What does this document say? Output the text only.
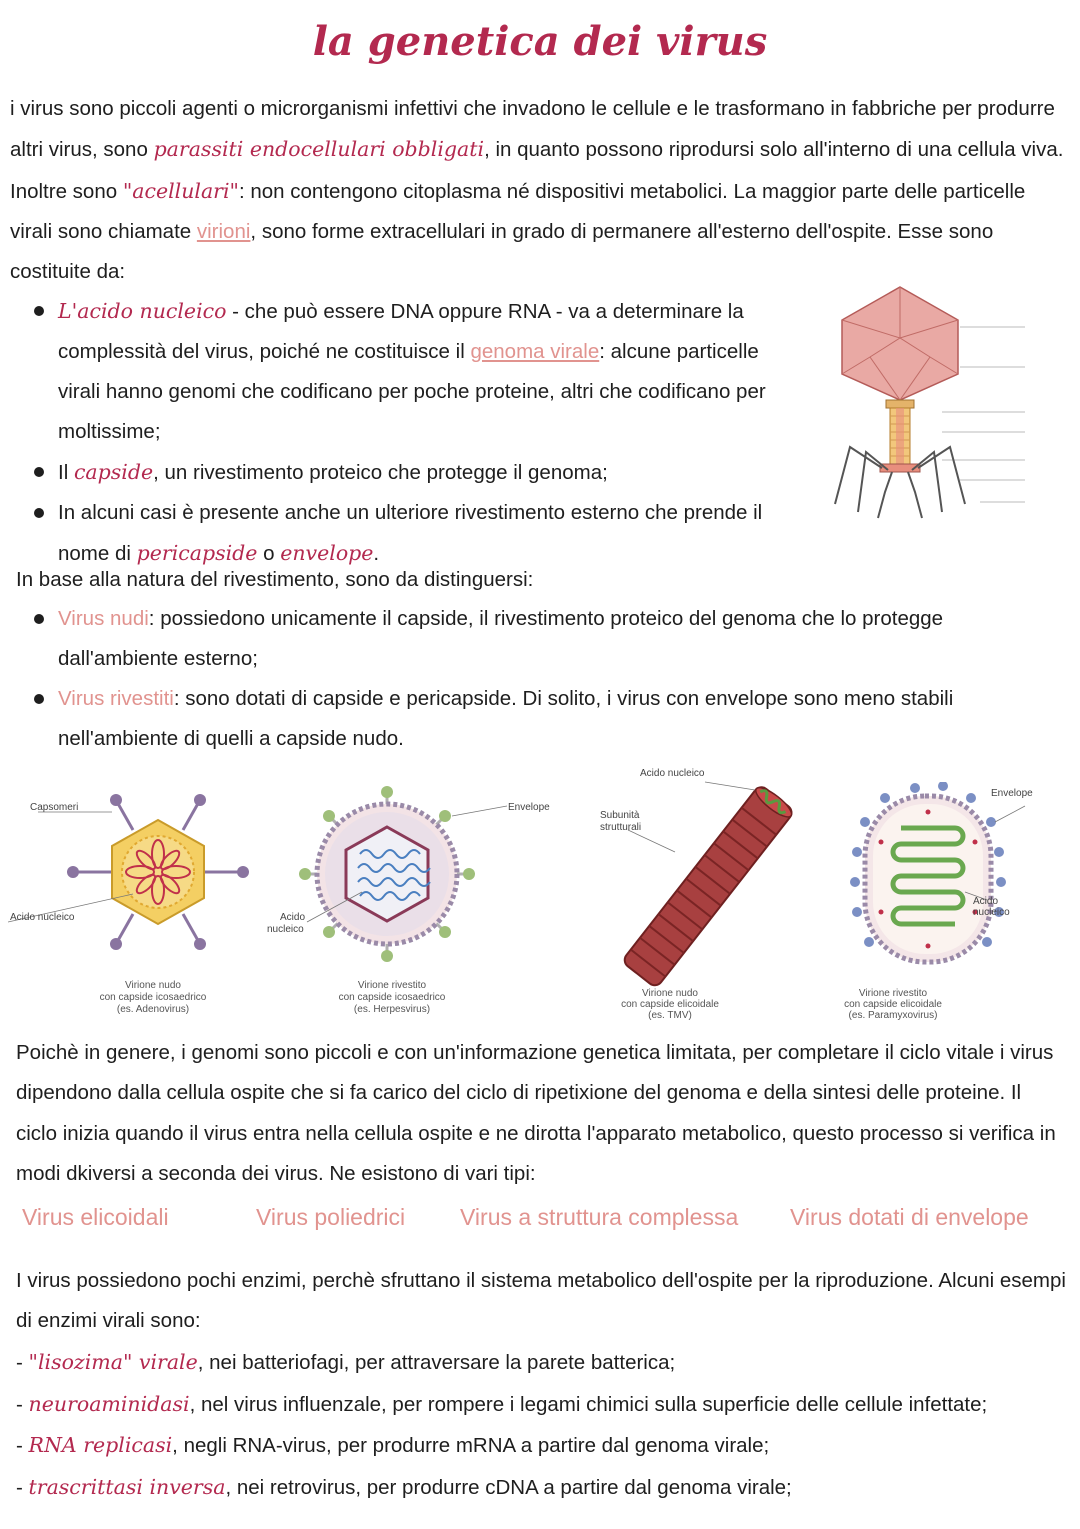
la genetica dei virus

i virus sono piccoli agenti o microrganismi infettivi che invadono le cellule e le trasformano in fabbriche per produrre altri virus, sono parassiti endocellulari obbligati, in quanto possono riprodursi solo all'interno di una cellula viva. Inoltre sono "acellulari": non contengono citoplasma né dispositivi metabolici. La maggior parte delle particelle virali sono chiamate virioni, sono forme extracellulari in grado di permanere all'esterno dell'ospite. Esse sono costituite da:

L'acido nucleico - che può essere DNA oppure RNA - va a determinare la complessità del virus, poiché ne costituisce il genoma virale: alcune particelle virali hanno genomi che codificano per poche proteine, altri che codificano per moltissime;
Il capside, un rivestimento proteico che protegge il genoma;
In alcuni casi è presente anche un ulteriore rivestimento esterno che prende il nome di pericapside o envelope.

In base alla natura del rivestimento, sono da distinguersi:

Virus nudi: possiedono unicamente il capside, il rivestimento proteico del genoma che lo protegge dall'ambiente esterno;
Virus rivestiti: sono dotati di capside e pericapside. Di solito, i virus con envelope sono meno stabili nell'ambiente di quelli a capside nudo.
Capsomeri
Acido nucleico
Virione nudo
con capside icosaedrico
(es. Adenovirus)
Envelope
Acido
nucleico
Virione rivestito
con capside icosaedrico
(es. Herpesvirus)
Acido nucleico
Subunità
strutturali
Virione nudo
con capside elicoidale
(es. TMV)
Envelope
Acido
nucleico
Virione rivestito
con capside elicoidale
(es. Paramyxovirus)

Poichè in genere, i genomi sono piccoli e con un'informazione genetica limitata, per completare il ciclo vitale i virus dipendono dalla cellula ospite che si fa carico del ciclo di ripetixione del genoma e della sintesi delle proteine. Il ciclo inizia quando il virus entra nella cellula ospite e ne dirotta l'apparato metabolico, questo processo si verifica in modi dkiversi a seconda dei virus. Ne esistono di vari tipi:

Virus elicoidali	Virus poliedrici Virus a struttura complessa Virus dotati di envelope

I virus possiedono pochi enzimi, perchè sfruttano il sistema metabolico dell'ospite per la riproduzione. Alcuni esempi di enzimi virali sono:

- "lisozima" virale, nei batteriofagi, per attraversare la parete batterica;
- neuroaminidasi, nel virus influenzale, per rompere i legami chimici sulla superficie delle cellule infettate;
- RNA replicasi, negli RNA-virus, per produrre mRNA a partire dal genoma virale;
- trascrittasi inversa, nei retrovirus, per produrre cDNA a partire dal genoma virale;
